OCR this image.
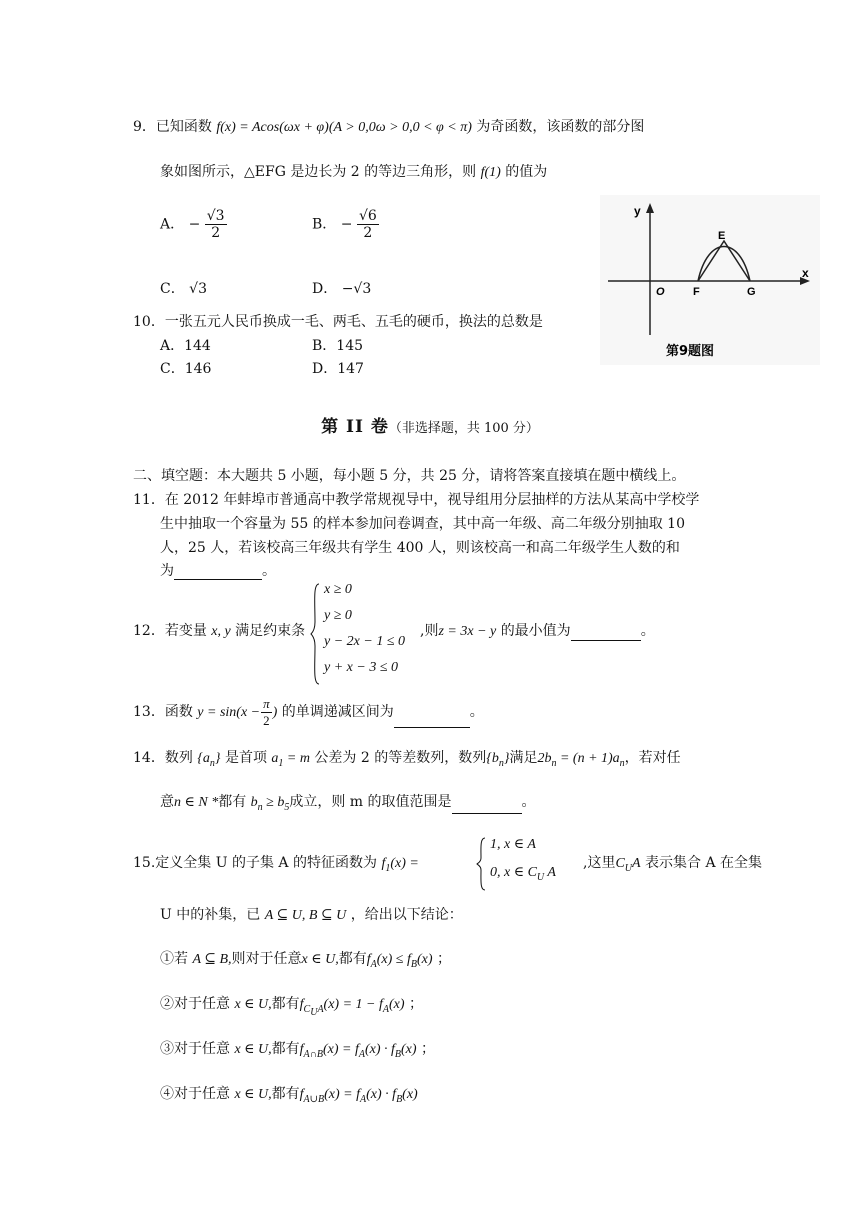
9．已知函数 f(x) = Acos(ωx + φ)(A > 0,0ω > 0,0 < φ < π) 为奇函数，该函数的部分图
象如图所示，△EFG 是边长为 2 的等边三角形，则 f(1) 的值为
A． − $\frac{√3}{2}$	B． − $\frac{√6}{2}$
C． √3	D． −√3
y
x
O	F
E
G
第9题图
10．一张五元人民币换成一毛、两毛、五毛的硬币，换法的总数是
A．144	B．145
C．146	D．147
第 II 卷（非选择题，共 100 分）
二、填空题：本大题共 5 小题，每小题 5 分，共 25 分，请将答案直接填在题中横线上。
11．在 2012 年蚌埠市普通高中教学常规视导中，视导组用分层抽样的方法从某高中学校学
生中抽取一个容量为 55 的样本参加问卷调查，其中高一年级、高二年级分别抽取 10
人，25 人，若该校高三年级共有学生 400 人，则该校高一和高二年级学生人数的和
为	。
12．若变量 x, y 满足约束条
x ≥ 0
y ≥ 0
y − 2x − 1 ≤ 0
y + x − 3 ≤ 0
,则z = 3x − y 的最小值为	。
13．函数 $y = \sin(x - \frac{\pi}{2}$ ) 的单调递减区间为	。
14．数列 $\{a_n\}$ 是首项 $a_1 = m$ 公差为 2 的等差数列，数列$\{b_n\}$满足$2b_n = (n + 1)a_n$，若对任
意n ∈ N *都有 $b_n \ge b_5$成立，则 m 的取值范围是	。
15.定义全集 U 的子集 A 的特征函数为 $f_1(x)$ =
1, x ∈ A
0, x ∈ $C_U$ A
,这里$C_UA$ 表示集合 A 在全集
U 中的补集，已 A ⊆ U, B ⊆ U ，给出以下结论：
①若 A ⊆ B,则对于任意x ∈ U,都有$f_A(x) \le f_B(x)$ ；
②对于任意 x ∈ U,都有$f_{C_UA}(x) = 1 - f_A(x)$ ；
③对于任意 x ∈ U,都有$f_{A\cap B}(x) = f_A(x) \cdot f_B(x)$ ；
④对于任意 x ∈ U,都有$f_{A\cup B}(x) = f_A(x) \cdot f_B(x)$
